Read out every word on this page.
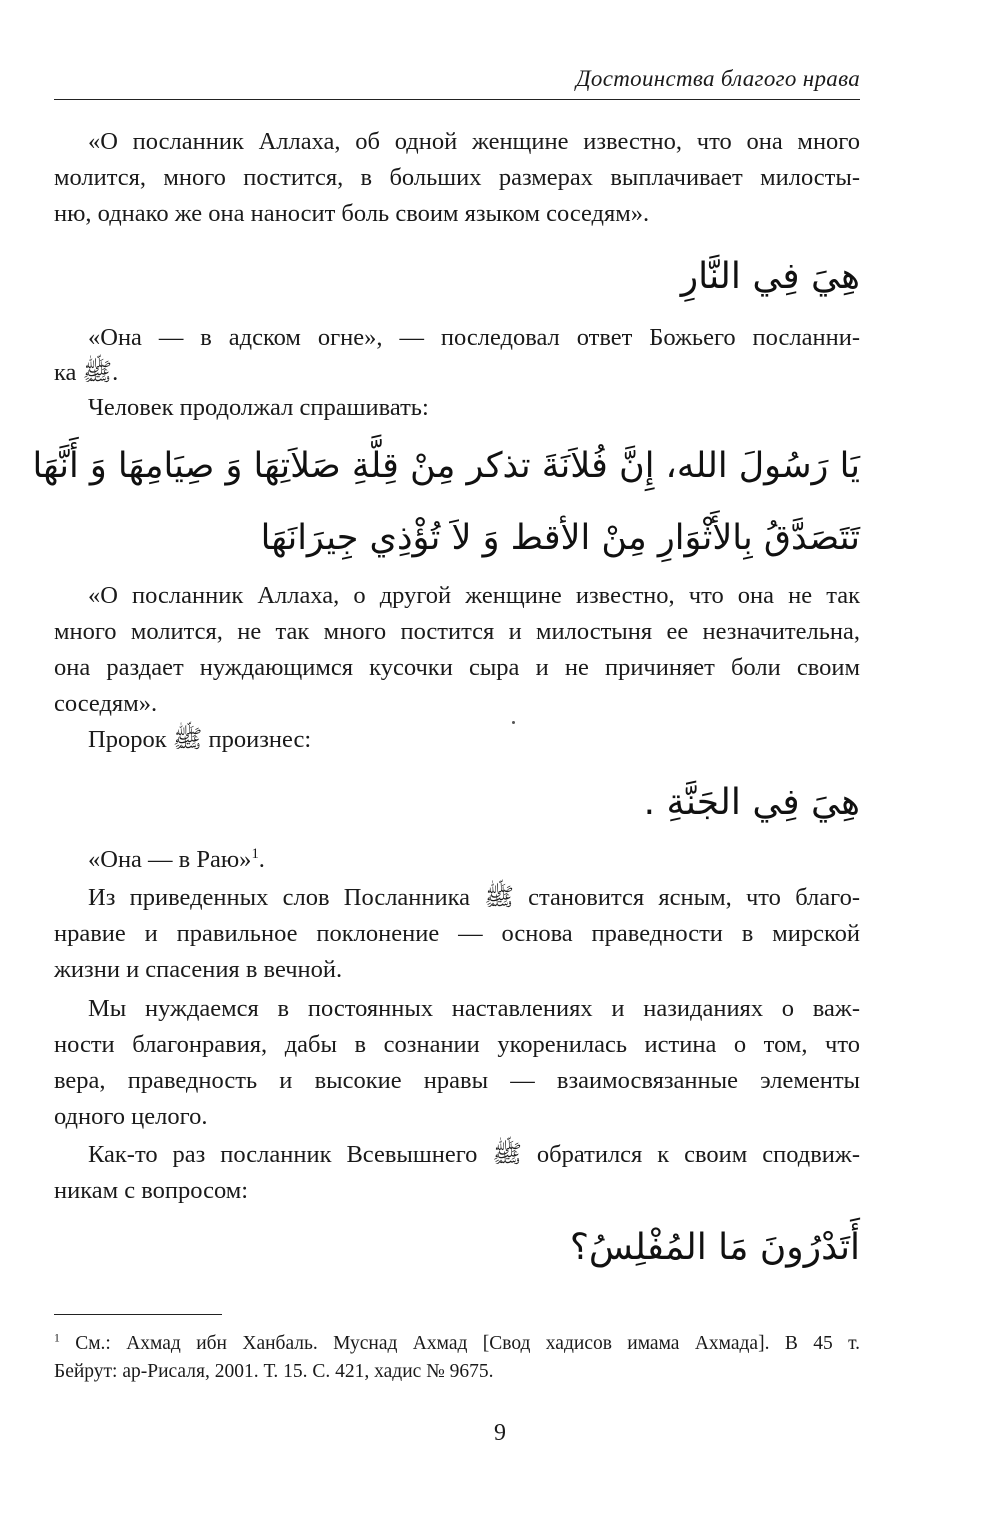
Достоинства благого нрава
«О посланник Аллаха, об одной женщине известно, что она много
молится, много постится, в больших размерах выплачивает милосты-
ню, однако же она наносит боль своим языком соседям».
هِيَ فِي النَّارِ
«Она — в адском огне», — последовал ответ Божьего посланни-
ка ﷺ.
Человек продолжал спрашивать:
يَا رَسُولَ الله، إِنَّ فُلاَنَةَ تذكر مِنْ قِلَّةِ صَلاَتِهَا وَ صِيَامِهَا وَ أَنَّهَا
تَتَصَدَّقُ بِالأَثْوَارِ مِنْ الأقط وَ لاَ تُؤْذِي جِيرَانَهَا
«О посланник Аллаха, о другой женщине известно, что она не так
много молится, не так много постится и милостыня ее незначительна,
она раздает нуждающимся кусочки сыра и не причиняет боли своим
соседям».
Пророк ﷺ произнес:
هِيَ فِي الجَنَّةِ .
«Она — в Раю»$^1$.
Из приведенных слов Посланника ﷺ становится ясным, что благо-
нравие и правильное поклонение — основа праведности в мирской
жизни и спасения в вечной.
Мы нуждаемся в постоянных наставлениях и назиданиях о важ-
ности благонравия, дабы в сознании укоренилась истина о том, что
вера, праведность и высокие нравы — взаимосвязанные элементы
одного целого.
Как-то раз посланник Всевышнего ﷺ обратился к своим сподвиж-
никам с вопросом:
أَتَدْرُونَ مَا المُفْلِسُ؟
$^1$ См.: Ахмад ибн Ханбаль. Муснад Ахмад [Свод хадисов имама Ахмада]. В 45 т.
Бейрут: ар-Рисаля, 2001. Т. 15. С. 421, хадис № 9675.
9
